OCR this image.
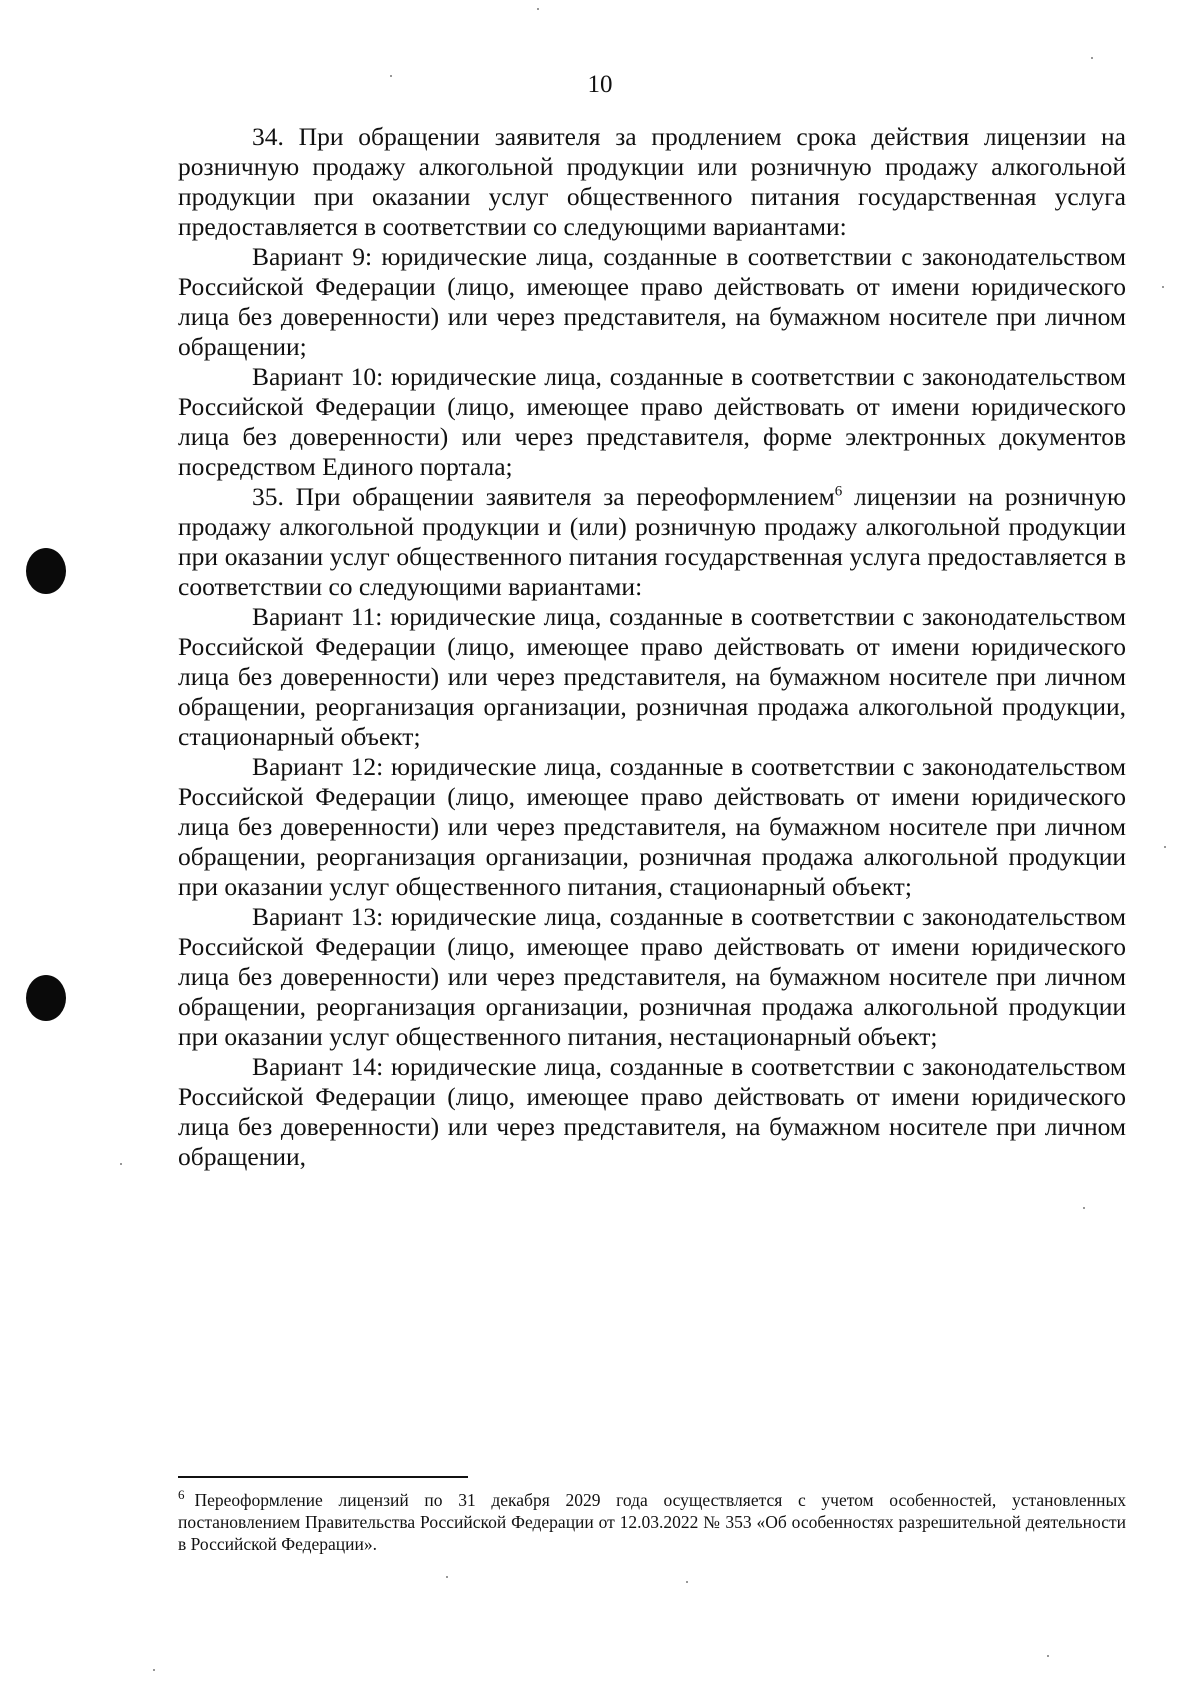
10

34. При обращении заявителя за продлением срока действия лицензии на розничную продажу алкогольной продукции или розничную продажу алкогольной продукции при оказании услуг общественного питания государственная услуга предоставляется в соответствии со следующими вариантами:

Вариант 9: юридические лица, созданные в соответствии с законодательством Российской Федерации (лицо, имеющее право действовать от имени юридического лица без доверенности) или через представителя, на бумажном носителе при личном обращении;

Вариант 10: юридические лица, созданные в соответствии с законодательством Российской Федерации (лицо, имеющее право действовать от имени юридического лица без доверенности) или через представителя, форме электронных документов посредством Единого портала;

35. При обращении заявителя за переоформлением$^6$ лицензии на розничную продажу алкогольной продукции и (или) розничную продажу алкогольной продукции при оказании услуг общественного питания государственная услуга предоставляется в соответствии со следующими вариантами:

Вариант 11: юридические лица, созданные в соответствии с законодательством Российской Федерации (лицо, имеющее право действовать от имени юридического лица без доверенности) или через представителя, на бумажном носителе при личном обращении, реорганизация организации, розничная продажа алкогольной продукции, стационарный объект;

Вариант 12: юридические лица, созданные в соответствии с законодательством Российской Федерации (лицо, имеющее право действовать от имени юридического лица без доверенности) или через представителя, на бумажном носителе при личном обращении, реорганизация организации, розничная продажа алкогольной продукции при оказании услуг общественного питания, стационарный объект;

Вариант 13: юридические лица, созданные в соответствии с законодательством Российской Федерации (лицо, имеющее право действовать от имени юридического лица без доверенности) или через представителя, на бумажном носителе при личном обращении, реорганизация организации, розничная продажа алкогольной продукции при оказании услуг общественного питания, нестационарный объект;

Вариант 14: юридические лица, созданные в соответствии с законодательством Российской Федерации (лицо, имеющее право действовать от имени юридического лица без доверенности) или через представителя, на бумажном носителе при личном обращении,

$^6$ Переоформление лицензий по 31 декабря 2029 года осуществляется с учетом особенностей, установленных постановлением Правительства Российской Федерации от 12.03.2022 № 353 «Об особенностях разрешительной деятельности в Российской Федерации».
